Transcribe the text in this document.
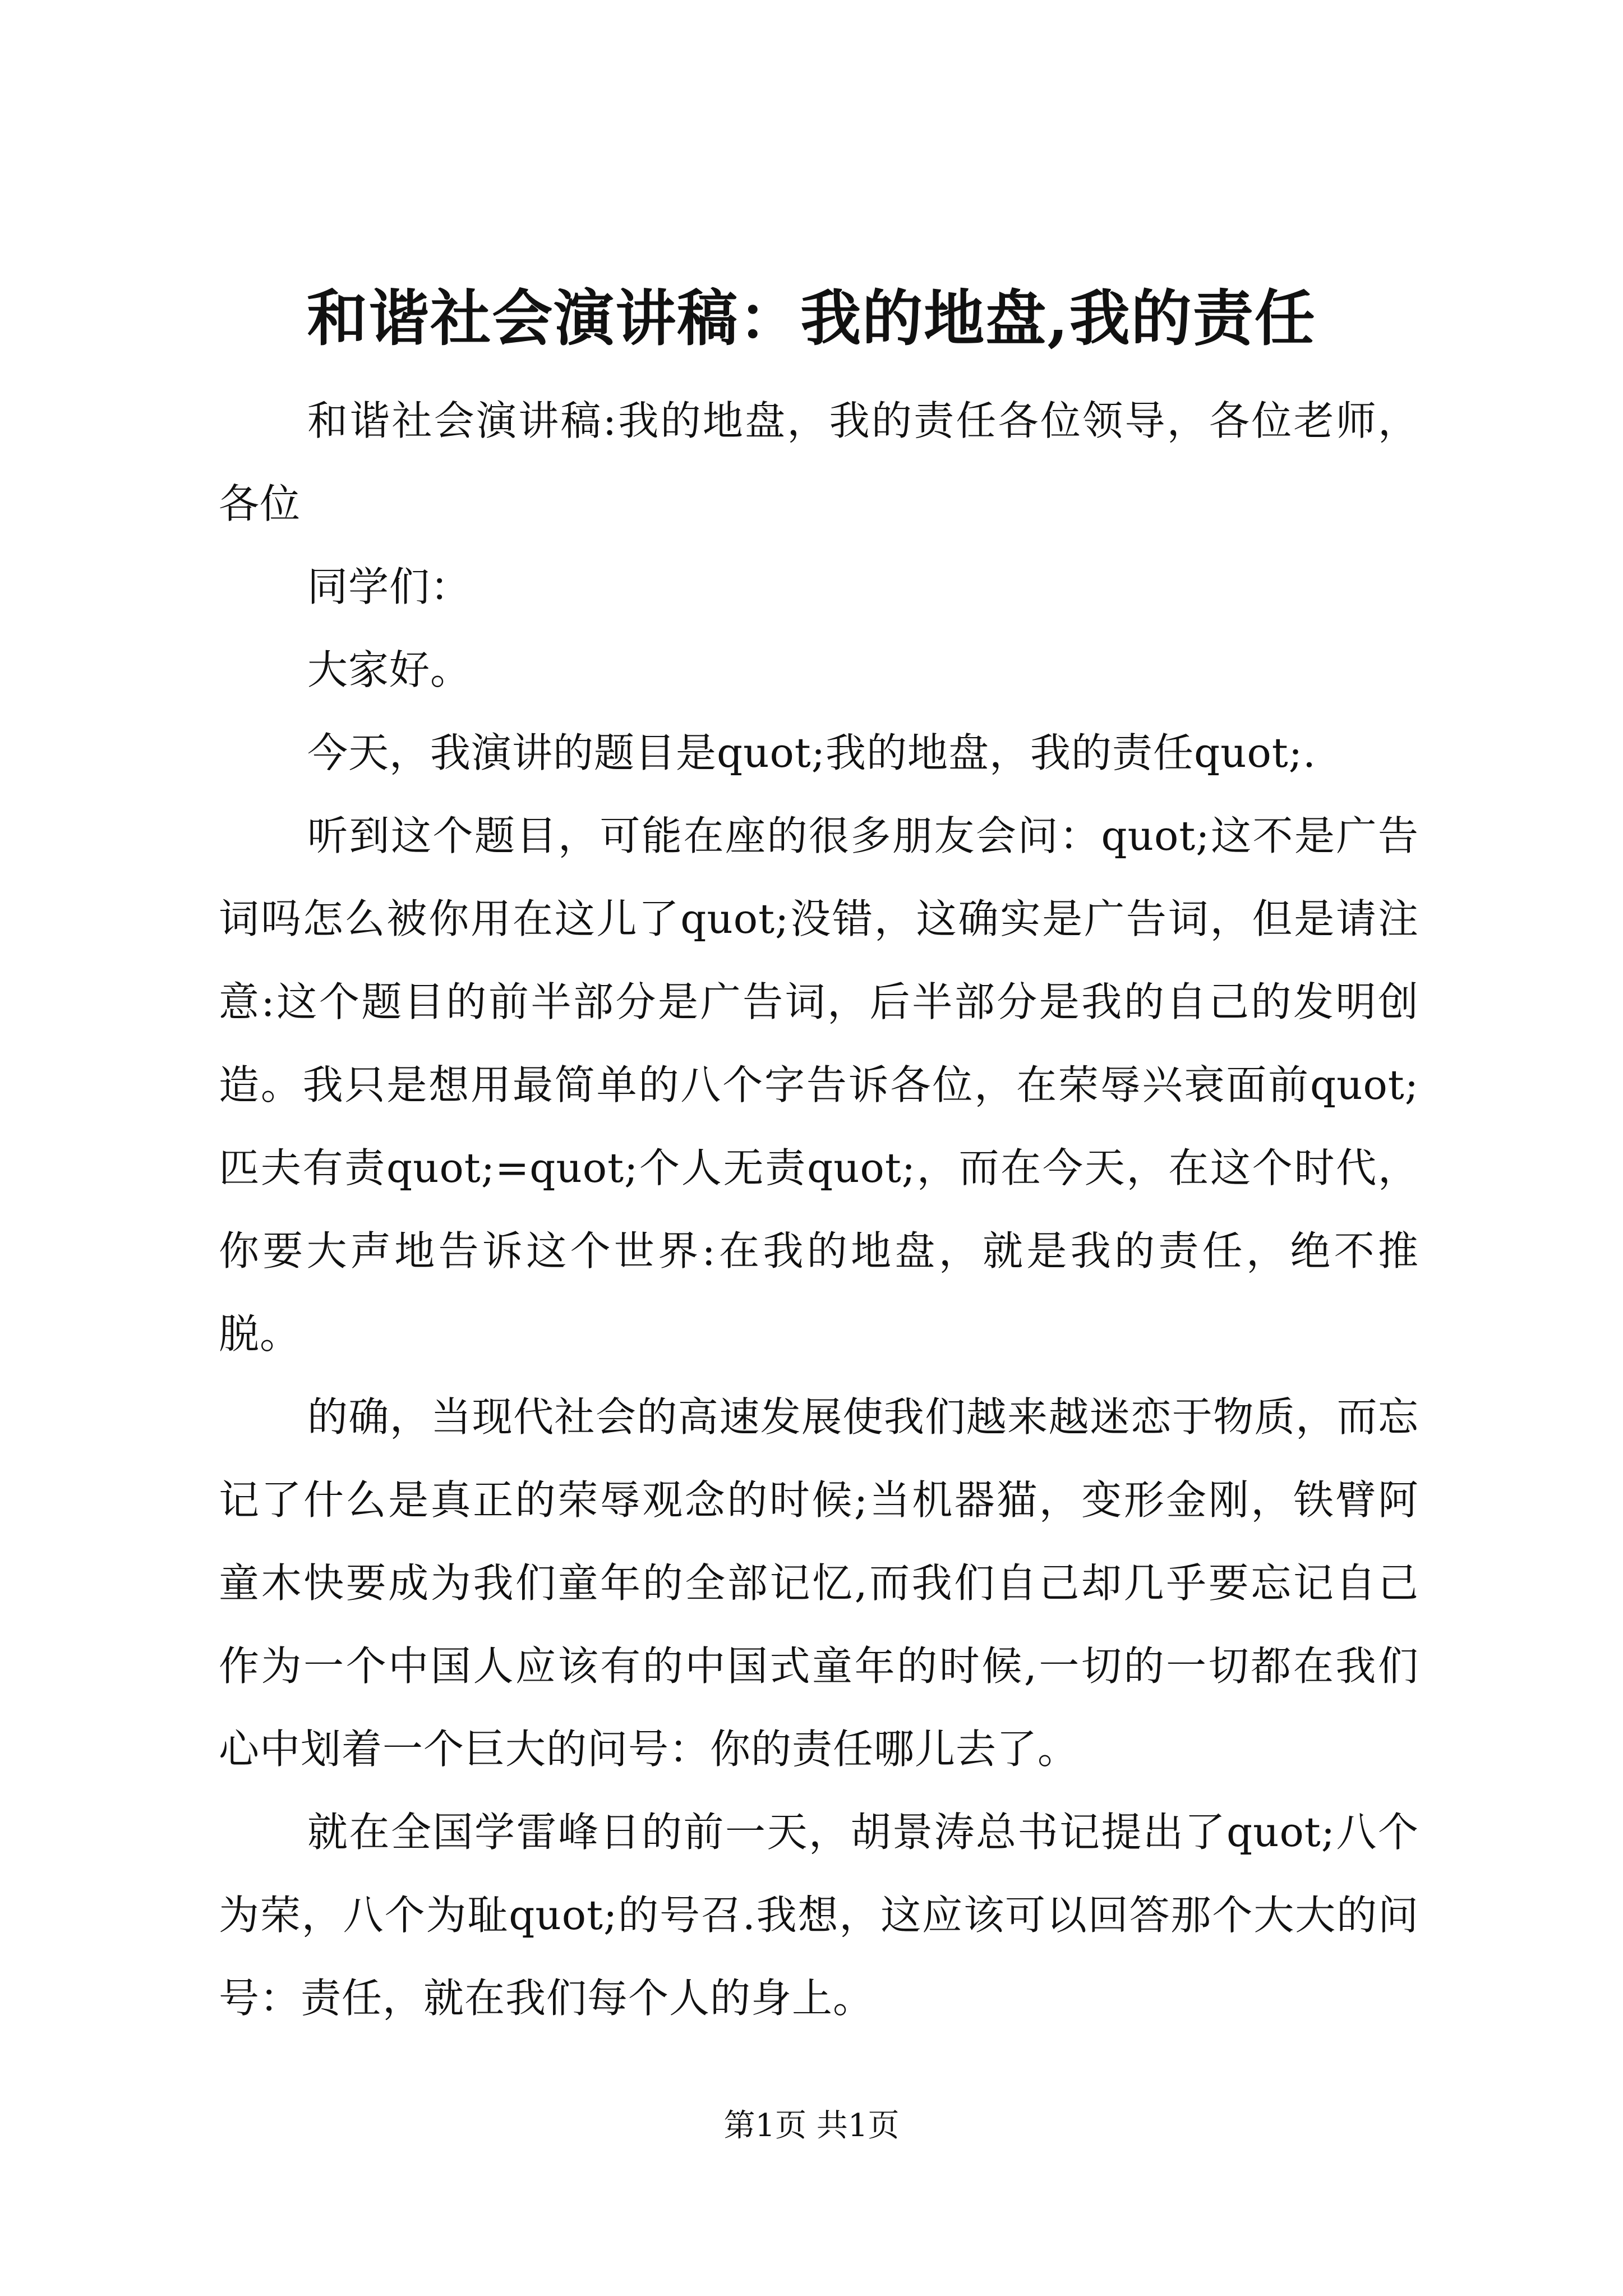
和谐社会演讲稿：我的地盘,我的责任

和谐社会演讲稿:我的地盘，我的责任各位领导，各位老师，各位

同学们：

大家好。

今天，我演讲的题目是quot;我的地盘，我的责任quot;.

听到这个题目，可能在座的很多朋友会问：quot;这不是广告词吗怎么被你用在这儿了quot;没错，这确实是广告词，但是请注意:这个题目的前半部分是广告词，后半部分是我的自己的发明创造。我只是想用最简单的八个字告诉各位，在荣辱兴衰面前quot;匹夫有责quot;=quot;个人无责quot;，而在今天，在这个时代，你要大声地告诉这个世界:在我的地盘，就是我的责任，绝不推脱。

的确，当现代社会的高速发展使我们越来越迷恋于物质，而忘记了什么是真正的荣辱观念的时候;当机器猫，变形金刚，铁臂阿童木快要成为我们童年的全部记忆,而我们自己却几乎要忘记自己作为一个中国人应该有的中国式童年的时候,一切的一切都在我们心中划着一个巨大的问号：你的责任哪儿去了。

就在全国学雷峰日的前一天，胡景涛总书记提出了quot;八个为荣，八个为耻quot;的号召.我想，这应该可以回答那个大大的问号：责任，就在我们每个人的身上。

第1页 共1页
